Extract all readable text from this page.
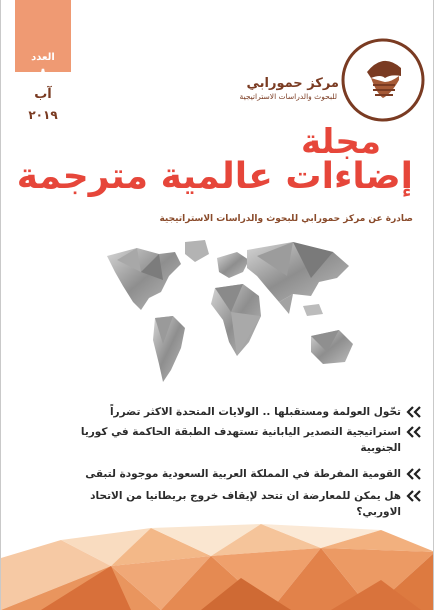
العدد
٨
آب
٢٠١٩
مركز حمورابي
للبحوث والدراسات الاستراتيجية
مجلة
إضاءات عالمية مترجمة
صادرة عن مركز حمورابي للبحوث والدراسات الاستراتيجية
تحّول العولمة ومستقبلها .. الولايات المتحدة الاكثر تضرراً
استراتيجية التصدير اليابانية تستهدف الطبقة الحاكمة في كوريا الجنوبية
القومية المفرطة في المملكة العربية السعودية موجودة لتبقى
هل يمكن للمعارضة ان تتحد لإيقاف خروج بريطانيا من الاتحاد الاوربي؟
